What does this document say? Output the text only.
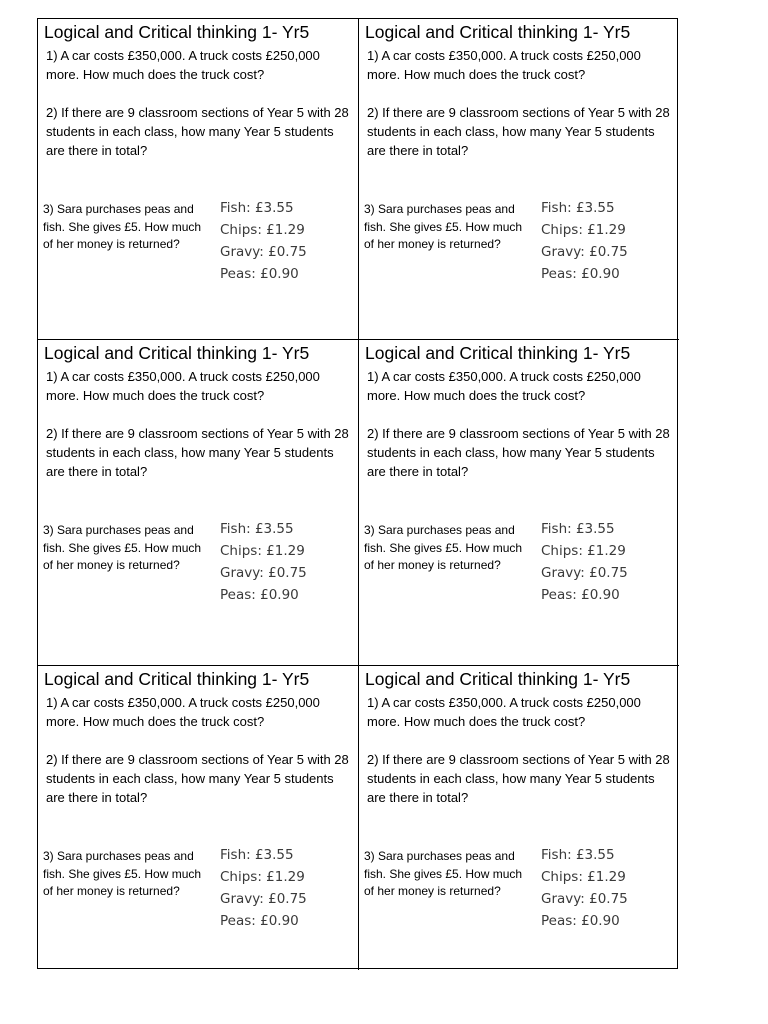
Logical and Critical thinking 1- Yr5
1) A car costs £350,000. A truck costs £250,000 more. How much does the truck cost?
2) If there are 9 classroom sections of Year 5 with 28 students in each class, how many Year 5 students are there in total?
3) Sara purchases peas and fish. She gives £5. How much of her money is returned?
Fish: £3.55
Chips: £1.29
Gravy: £0.75
Peas: £0.90
Logical and Critical thinking 1- Yr5
1) A car costs £350,000. A truck costs £250,000 more. How much does the truck cost?
2) If there are 9 classroom sections of Year 5 with 28 students in each class, how many Year 5 students are there in total?
3) Sara purchases peas and fish. She gives £5. How much of her money is returned?
Fish: £3.55
Chips: £1.29
Gravy: £0.75
Peas: £0.90
Logical and Critical thinking 1- Yr5
1) A car costs £350,000. A truck costs £250,000 more. How much does the truck cost?
2) If there are 9 classroom sections of Year 5 with 28 students in each class, how many Year 5 students are there in total?
3) Sara purchases peas and fish. She gives £5. How much of her money is returned?
Fish: £3.55
Chips: £1.29
Gravy: £0.75
Peas: £0.90
Logical and Critical thinking 1- Yr5
1) A car costs £350,000. A truck costs £250,000 more. How much does the truck cost?
2) If there are 9 classroom sections of Year 5 with 28 students in each class, how many Year 5 students are there in total?
3) Sara purchases peas and fish. She gives £5. How much of her money is returned?
Fish: £3.55
Chips: £1.29
Gravy: £0.75
Peas: £0.90
Logical and Critical thinking 1- Yr5
1) A car costs £350,000. A truck costs £250,000 more. How much does the truck cost?
2) If there are 9 classroom sections of Year 5 with 28 students in each class, how many Year 5 students are there in total?
3) Sara purchases peas and fish. She gives £5. How much of her money is returned?
Fish: £3.55
Chips: £1.29
Gravy: £0.75
Peas: £0.90
Logical and Critical thinking 1- Yr5
1) A car costs £350,000. A truck costs £250,000 more. How much does the truck cost?
2) If there are 9 classroom sections of Year 5 with 28 students in each class, how many Year 5 students are there in total?
3) Sara purchases peas and fish. She gives £5. How much of her money is returned?
Fish: £3.55
Chips: £1.29
Gravy: £0.75
Peas: £0.90
